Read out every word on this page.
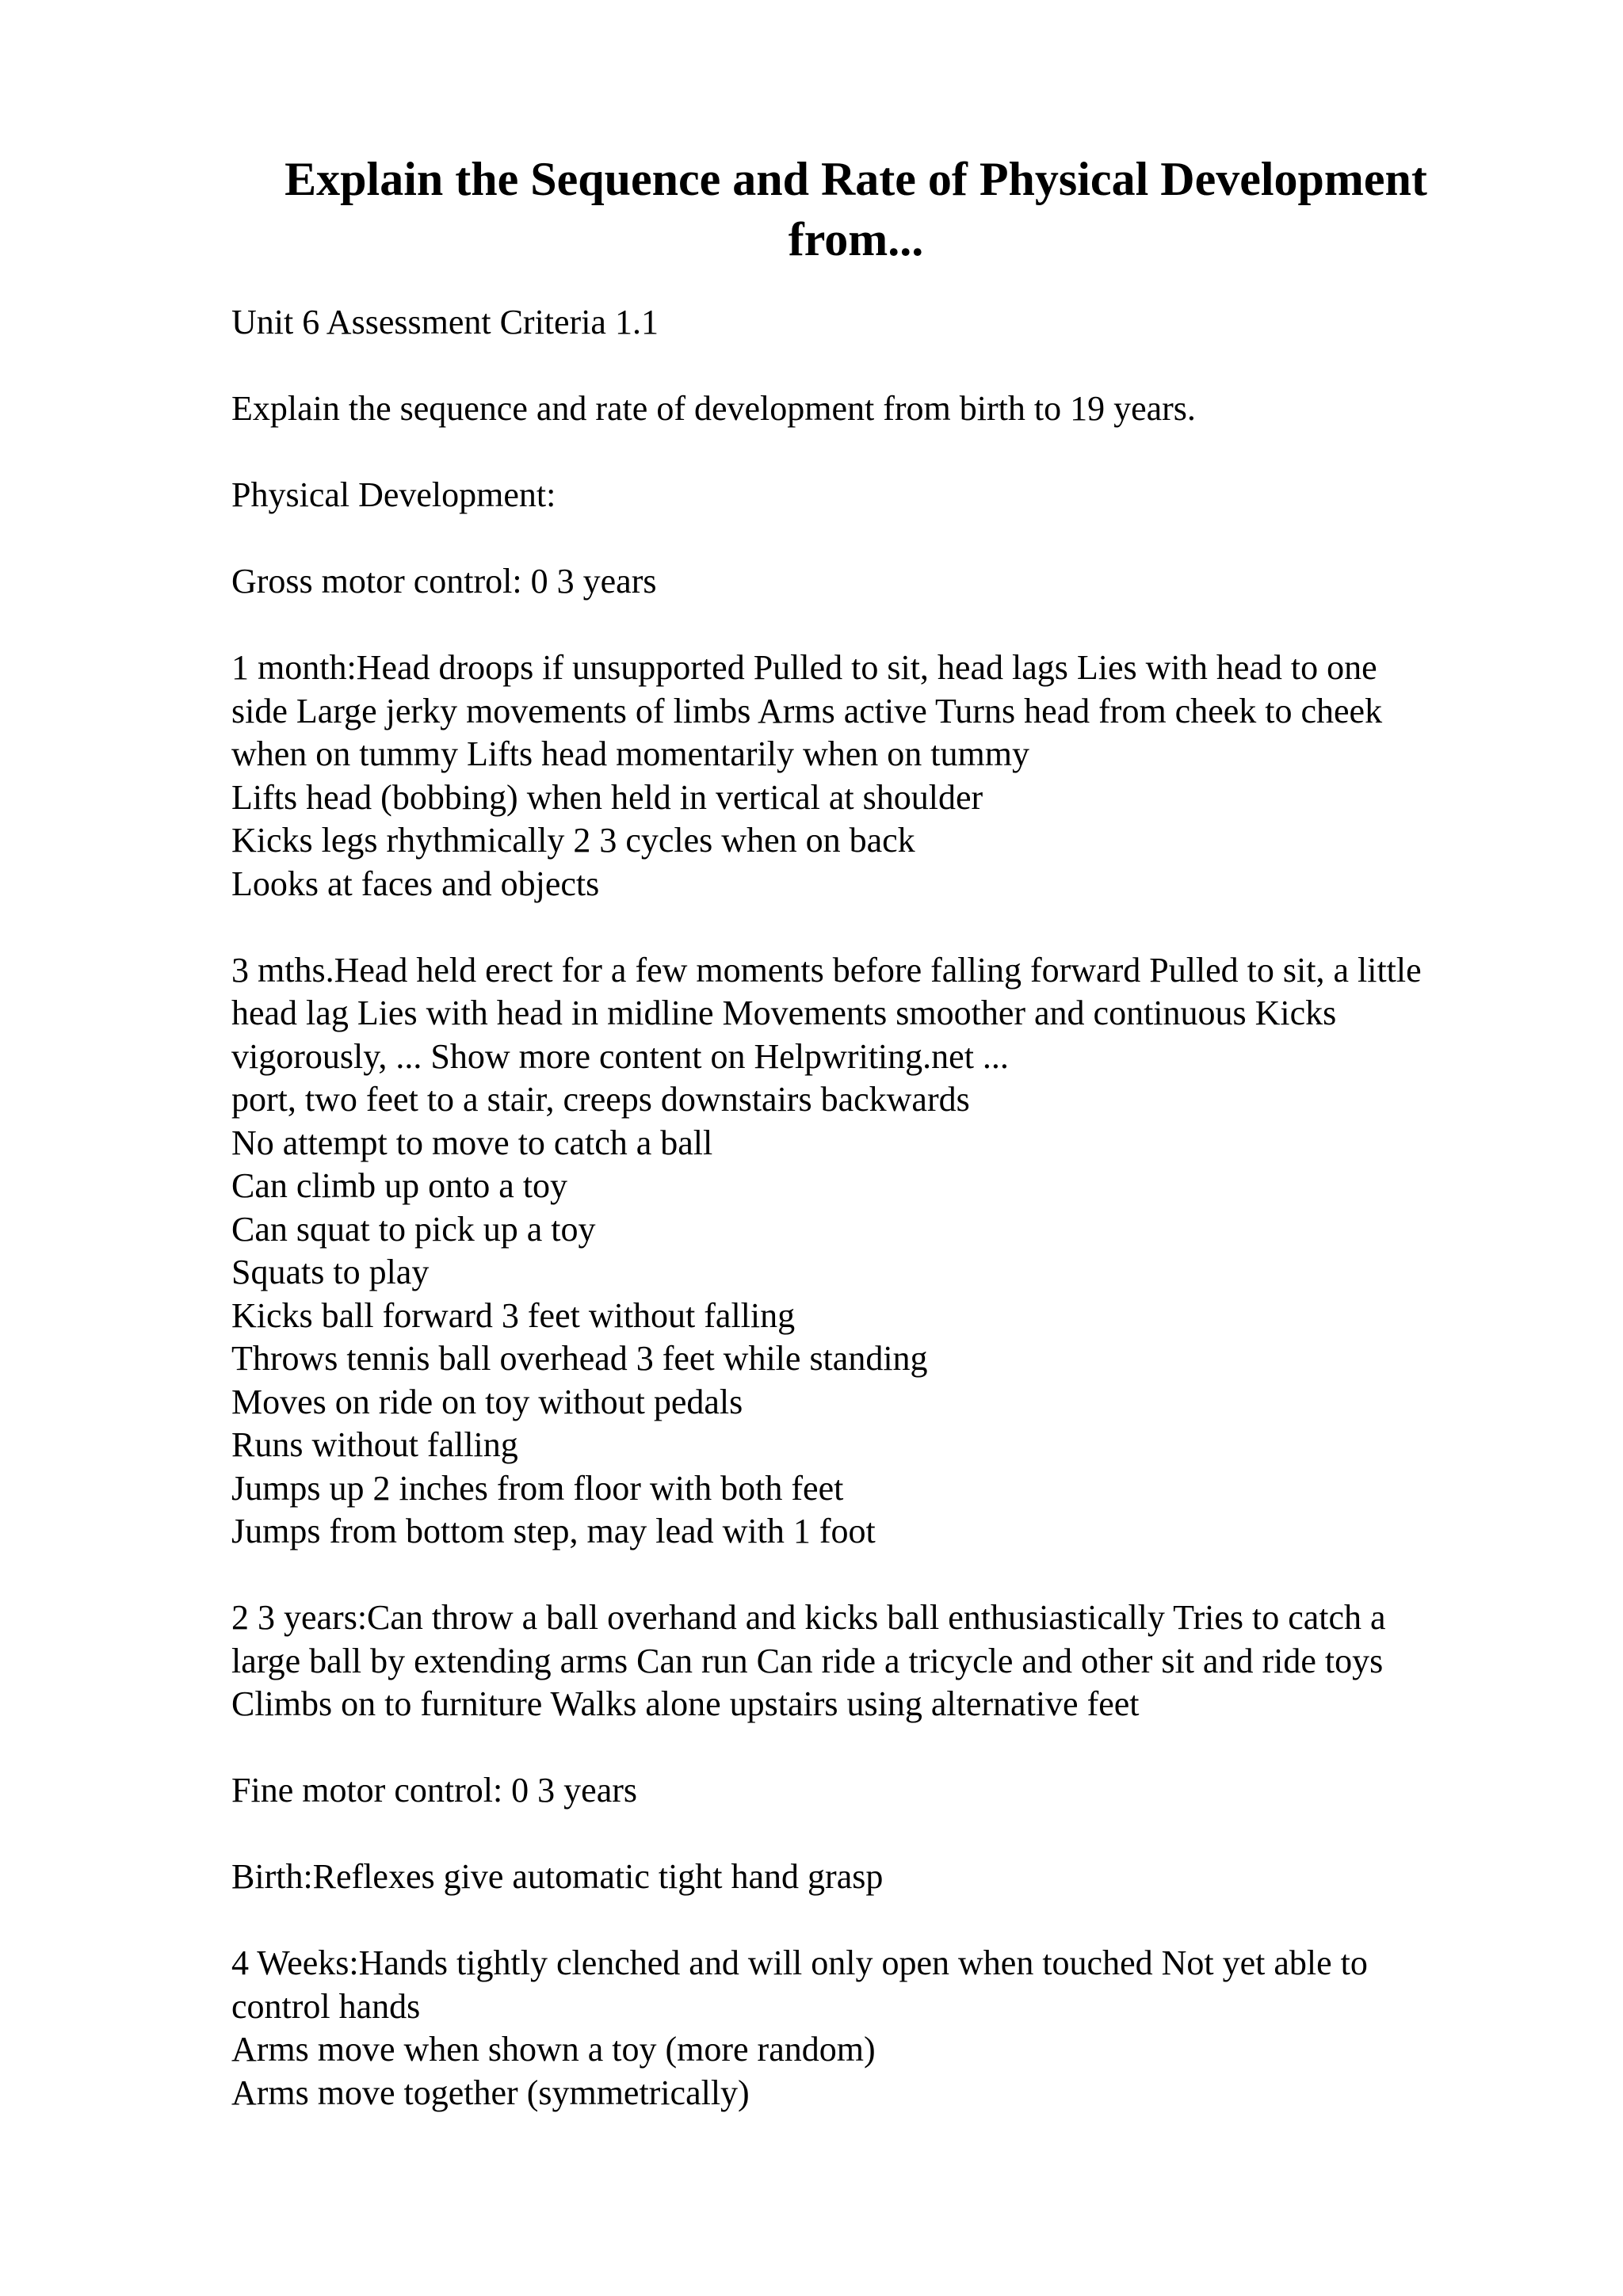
Explain the Sequence and Rate of Physical Development
from...
Unit 6 Assessment Criteria 1.1
Explain the sequence and rate of development from birth to 19 years.
Physical Development:
Gross motor control: 0 3 years
1 month:Head droops if unsupported Pulled to sit, head lags Lies with head to one
side Large jerky movements of limbs Arms active Turns head from cheek to cheek
when on tummy Lifts head momentarily when on tummy
Lifts head (bobbing) when held in vertical at shoulder
Kicks legs rhythmically 2 3 cycles when on back
Looks at faces and objects
3 mths.Head held erect for a few moments before falling forward Pulled to sit, a little
head lag Lies with head in midline Movements smoother and continuous Kicks
vigorously, ... Show more content on Helpwriting.net ...
port, two feet to a stair, creeps downstairs backwards
No attempt to move to catch a ball
Can climb up onto a toy
Can squat to pick up a toy
Squats to play
Kicks ball forward 3 feet without falling
Throws tennis ball overhead 3 feet while standing
Moves on ride on toy without pedals
Runs without falling
Jumps up 2 inches from floor with both feet
Jumps from bottom step, may lead with 1 foot
2 3 years:Can throw a ball overhand and kicks ball enthusiastically Tries to catch a
large ball by extending arms Can run Can ride a tricycle and other sit and ride toys
Climbs on to furniture Walks alone upstairs using alternative feet
Fine motor control: 0 3 years
Birth:Reflexes give automatic tight hand grasp
4 Weeks:Hands tightly clenched and will only open when touched Not yet able to
control hands
Arms move when shown a toy (more random)
Arms move together (symmetrically)
